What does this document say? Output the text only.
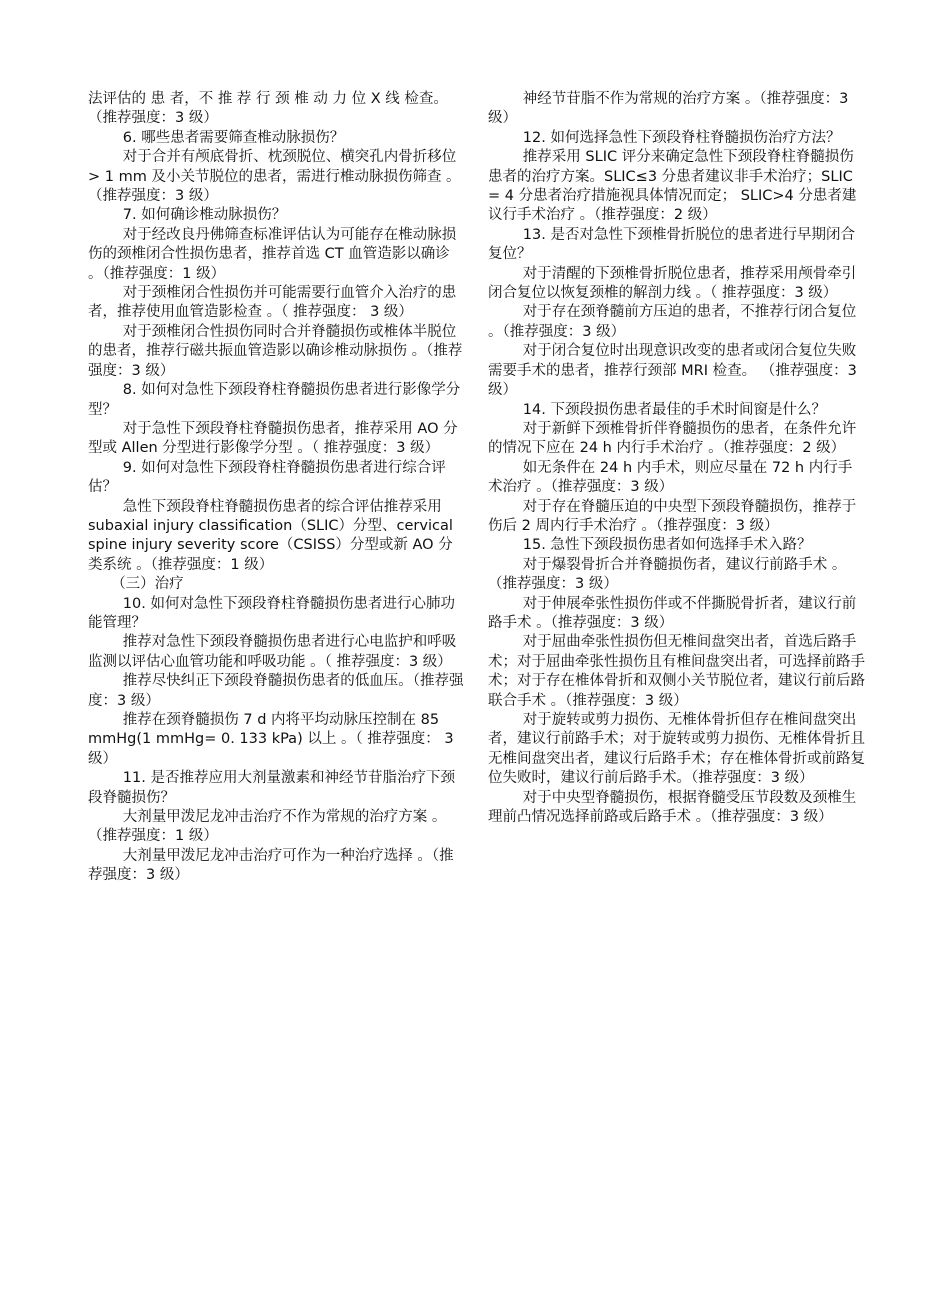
法评估的 患 者，不 推 荐 行 颈 椎 动 力 位 X 线 检查。 （推荐强度：3 级）

6. 哪些患者需要筛查椎动脉损伤？

对于合并有颅底骨折、枕颈脱位、横突孔内骨折移位 > 1 mm 及小关节脱位的患者，需进行椎动脉损伤筛查 。（推荐强度：3 级）

7. 如何确诊椎动脉损伤？

对于经改良丹佛筛查标准评估认为可能存在椎动脉损伤的颈椎闭合性损伤患者，推荐首选 CT 血管造影以确诊 。（推荐强度：1 级）

对于颈椎闭合性损伤并可能需要行血管介入治疗的患者，推荐使用血管造影检查 。（ 推荐强度： 3 级）

对于颈椎闭合性损伤同时合并脊髓损伤或椎体半脱位的患者，推荐行磁共振血管造影以确诊椎动脉损伤 。（推荐强度：3 级）

8. 如何对急性下颈段脊柱脊髓损伤患者进行影像学分型？

对于急性下颈段脊柱脊髓损伤患者，推荐采用 AO 分型或 Allen 分型进行影像学分型 。（ 推荐强度：3 级）

9. 如何对急性下颈段脊柱脊髓损伤患者进行综合评估？

急性下颈段脊柱脊髓损伤患者的综合评估推荐采用 subaxial injury classification（SLIC）分型、cervical spine injury severity score（CSISS）分型或新 AO 分类系统 。（推荐强度：1 级）

（三）治疗

10. 如何对急性下颈段脊柱脊髓损伤患者进行心肺功能管理？

推荐对急性下颈段脊髓损伤患者进行心电监护和呼吸监测以评估心血管功能和呼吸功能 。（ 推荐强度：3 级）

推荐尽快纠正下颈段脊髓损伤患者的低血压。（推荐强度：3 级）

推荐在颈脊髓损伤 7 d 内将平均动脉压控制在 85 mmHg(1 mmHg= 0. 133 kPa) 以上 。（ 推荐强度： 3 级）

11. 是否推荐应用大剂量激素和神经节苷脂治疗下颈段脊髓损伤？

大剂量甲泼尼龙冲击治疗不作为常规的治疗方案 。（推荐强度：1 级）

大剂量甲泼尼龙冲击治疗可作为一种治疗选择 。（推荐强度：3 级）

神经节苷脂不作为常规的治疗方案 。（推荐强度：3 级）

12. 如何选择急性下颈段脊柱脊髓损伤治疗方法？

推荐采用 SLIC 评分来确定急性下颈段脊柱脊髓损伤患者的治疗方案。SLIC≤3 分患者建议非手术治疗；SLIC = 4 分患者治疗措施视具体情况而定； SLIC>4 分患者建议行手术治疗 。（推荐强度：2 级）

13. 是否对急性下颈椎骨折脱位的患者进行早期闭合复位？

对于清醒的下颈椎骨折脱位患者，推荐采用颅骨牵引闭合复位以恢复颈椎的解剖力线 。（ 推荐强度：3 级）

对于存在颈脊髓前方压迫的患者，不推荐行闭合复位 。（推荐强度：3 级）

对于闭合复位时出现意识改变的患者或闭合复位失败需要手术的患者，推荐行颈部 MRI 检查。 （推荐强度：3 级）

14. 下颈段损伤患者最佳的手术时间窗是什么？

对于新鲜下颈椎骨折伴脊髓损伤的患者，在条件允许的情况下应在 24 h 内行手术治疗 。（推荐强度：2 级）

如无条件在 24 h 内手术，则应尽量在 72 h 内行手术治疗 。（推荐强度：3 级）

对于存在脊髓压迫的中央型下颈段脊髓损伤，推荐于伤后 2 周内行手术治疗 。（推荐强度：3 级）

15. 急性下颈段损伤患者如何选择手术入路？

对于爆裂骨折合并脊髓损伤者，建议行前路手术 。（推荐强度：3 级）

对于伸展牵张性损伤伴或不伴撕脱骨折者，建议行前路手术 。（推荐强度：3 级）

对于屈曲牵张性损伤但无椎间盘突出者，首选后路手术；对于屈曲牵张性损伤且有椎间盘突出者，可选择前路手术；对于存在椎体骨折和双侧小关节脱位者，建议行前后路联合手术 。（推荐强度：3 级）

对于旋转或剪力损伤、无椎体骨折但存在椎间盘突出者，建议行前路手术；对于旋转或剪力损伤、无椎体骨折且无椎间盘突出者，建议行后路手术；存在椎体骨折或前路复位失败时，建议行前后路手术。（推荐强度：3 级）

对于中央型脊髓损伤，根据脊髓受压节段数及颈椎生理前凸情况选择前路或后路手术 。（推荐强度：3 级）
